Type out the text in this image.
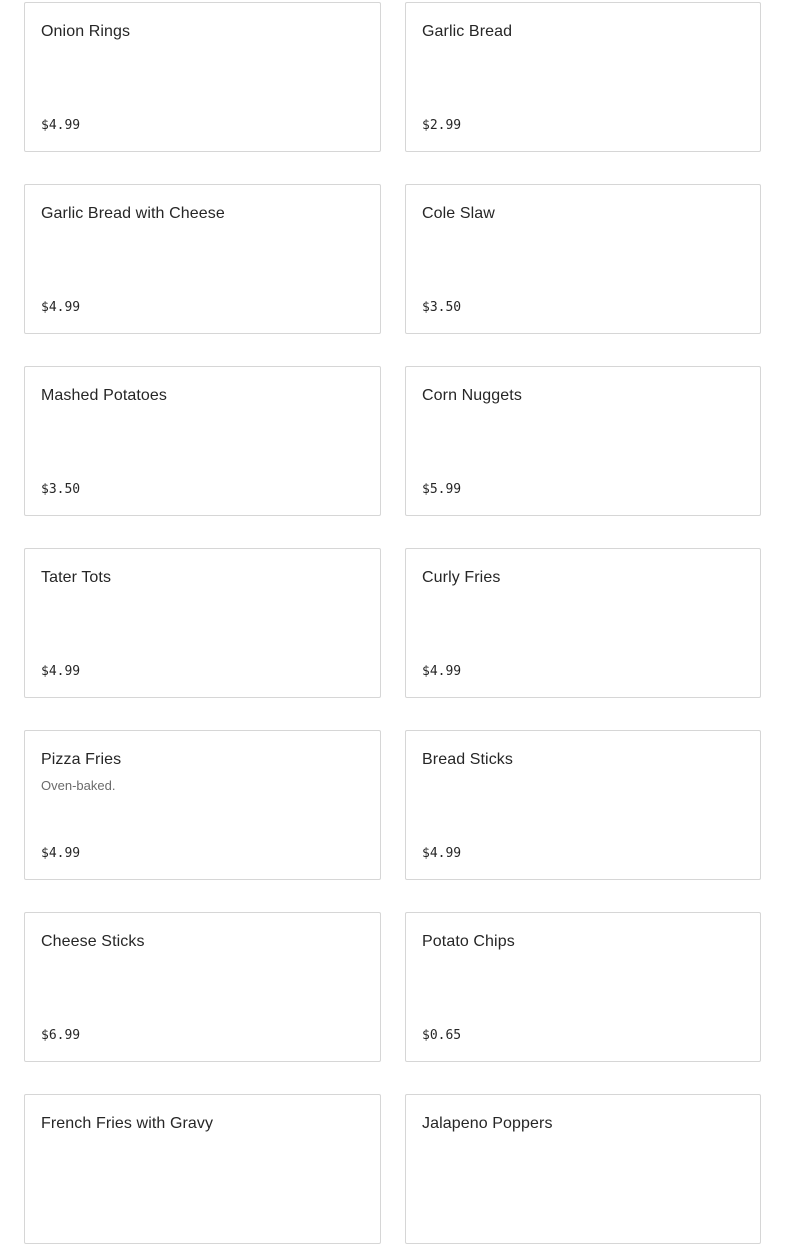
Onion Rings
$4.99
Garlic Bread
$2.99
Garlic Bread with Cheese
$4.99
Cole Slaw
$3.50
Mashed Potatoes
$3.50
Corn Nuggets
$5.99
Tater Tots
$4.99
Curly Fries
$4.99
Pizza Fries
Oven-baked.
$4.99
Bread Sticks
$4.99
Cheese Sticks
$6.99
Potato Chips
$0.65
French Fries with Gravy	Jalapeno Poppers
